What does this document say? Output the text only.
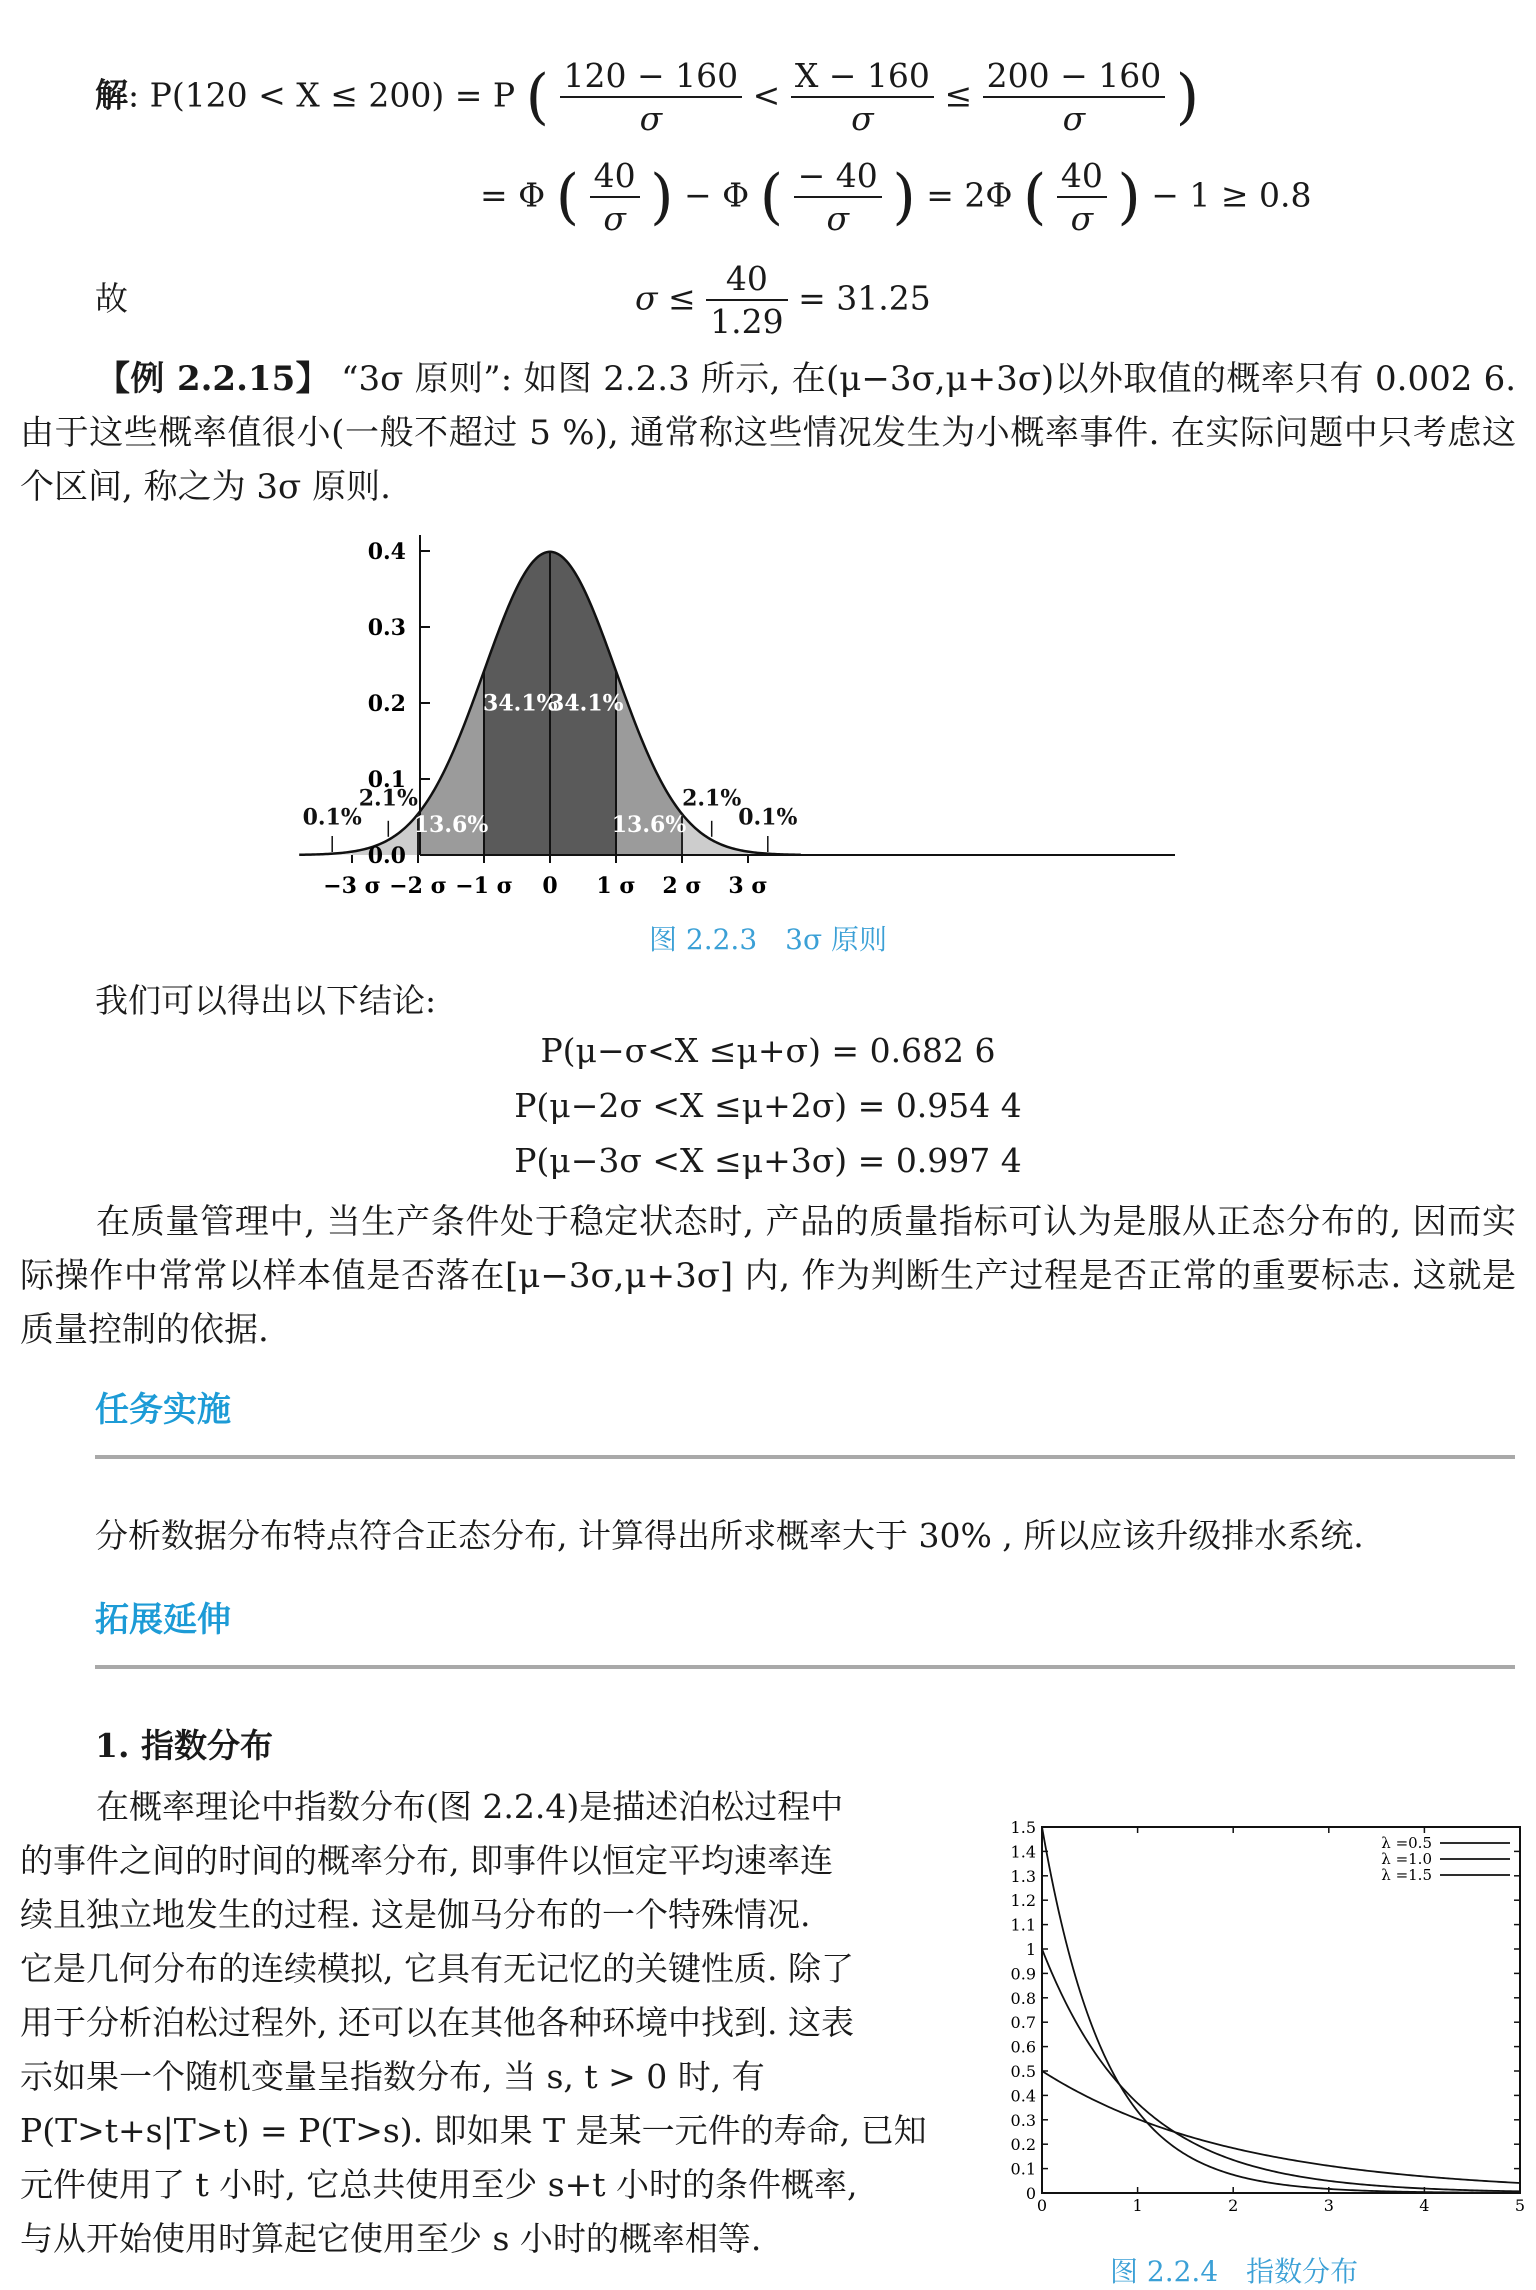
解: P(120 < X ≤ 200) = P ( $\frac{120 - 160}{\sigma} < \frac{X - 160}{\sigma} \le \frac{200 - 160}{\sigma}$ )
= Φ ( $\frac{40}{\sigma}$ ) − Φ ( $\frac{- 40}{\sigma}$ ) = 2Φ ( $\frac{40}{\sigma}$ ) − 1 ≥ 0.8
故	$\sigma \le \frac{40}{1.29} = 31.25$
【例 2.2.15】 “3σ 原则”: 如图 2.2.3 所示, 在(μ−3σ,μ+3σ)以外取值的概率只有 0.002 6. 由于这些概率值很小(一般不超过 5 %), 通常称这些情况发生为小概率事件. 在实际问题中只考虑这个区间, 称之为 3σ 原则.
0.0
0.1
0.2
0.3
0.4
−3 σ −2 σ −1 σ 0 1 σ 2 σ 3 σ
34.1%
34.1%
13.6%	13.6%
2.1%	2.1%
0.1%	0.1%
图 2.2.3　3σ 原则
我们可以得出以下结论:
P(μ−σ<X ≤μ+σ) = 0.682 6
P(μ−2σ <X ≤μ+2σ) = 0.954 4
P(μ−3σ <X ≤μ+3σ) = 0.997 4
在质量管理中, 当生产条件处于稳定状态时, 产品的质量指标可认为是服从正态分布的, 因而实际操作中常常以样本值是否落在[μ−3σ,μ+3σ] 内, 作为判断生产过程是否正常的重要标志. 这就是质量控制的依据.
任务实施
分析数据分布特点符合正态分布, 计算得出所求概率大于 30% , 所以应该升级排水系统.
拓展延伸
1. 指数分布
在概率理论中指数分布(图 2.2.4)是描述泊松过程中
的事件之间的时间的概率分布, 即事件以恒定平均速率连
续且独立地发生的过程. 这是伽马分布的一个特殊情况.
它是几何分布的连续模拟, 它具有无记忆的关键性质. 除了
用于分析泊松过程外, 还可以在其他各种环境中找到. 这表
示如果一个随机变量呈指数分布, 当 s, t > 0 时, 有
P(T>t+s|T>t) = P(T>s). 即如果 T 是某一元件的寿命, 已知
元件使用了 t 小时, 它总共使用至少 s+t 小时的条件概率,
与从开始使用时算起它使用至少 s 小时的概率相等.
0
0.1
0.2
0.3
0.4
0.5
0.6
0.7
0.8
0.9
1
1.1
1.2
1.3
1.4
1.5
0	1	2	3	4	5
λ =0.5
λ =1.0
λ =1.5
图 2.2.4　指数分布
